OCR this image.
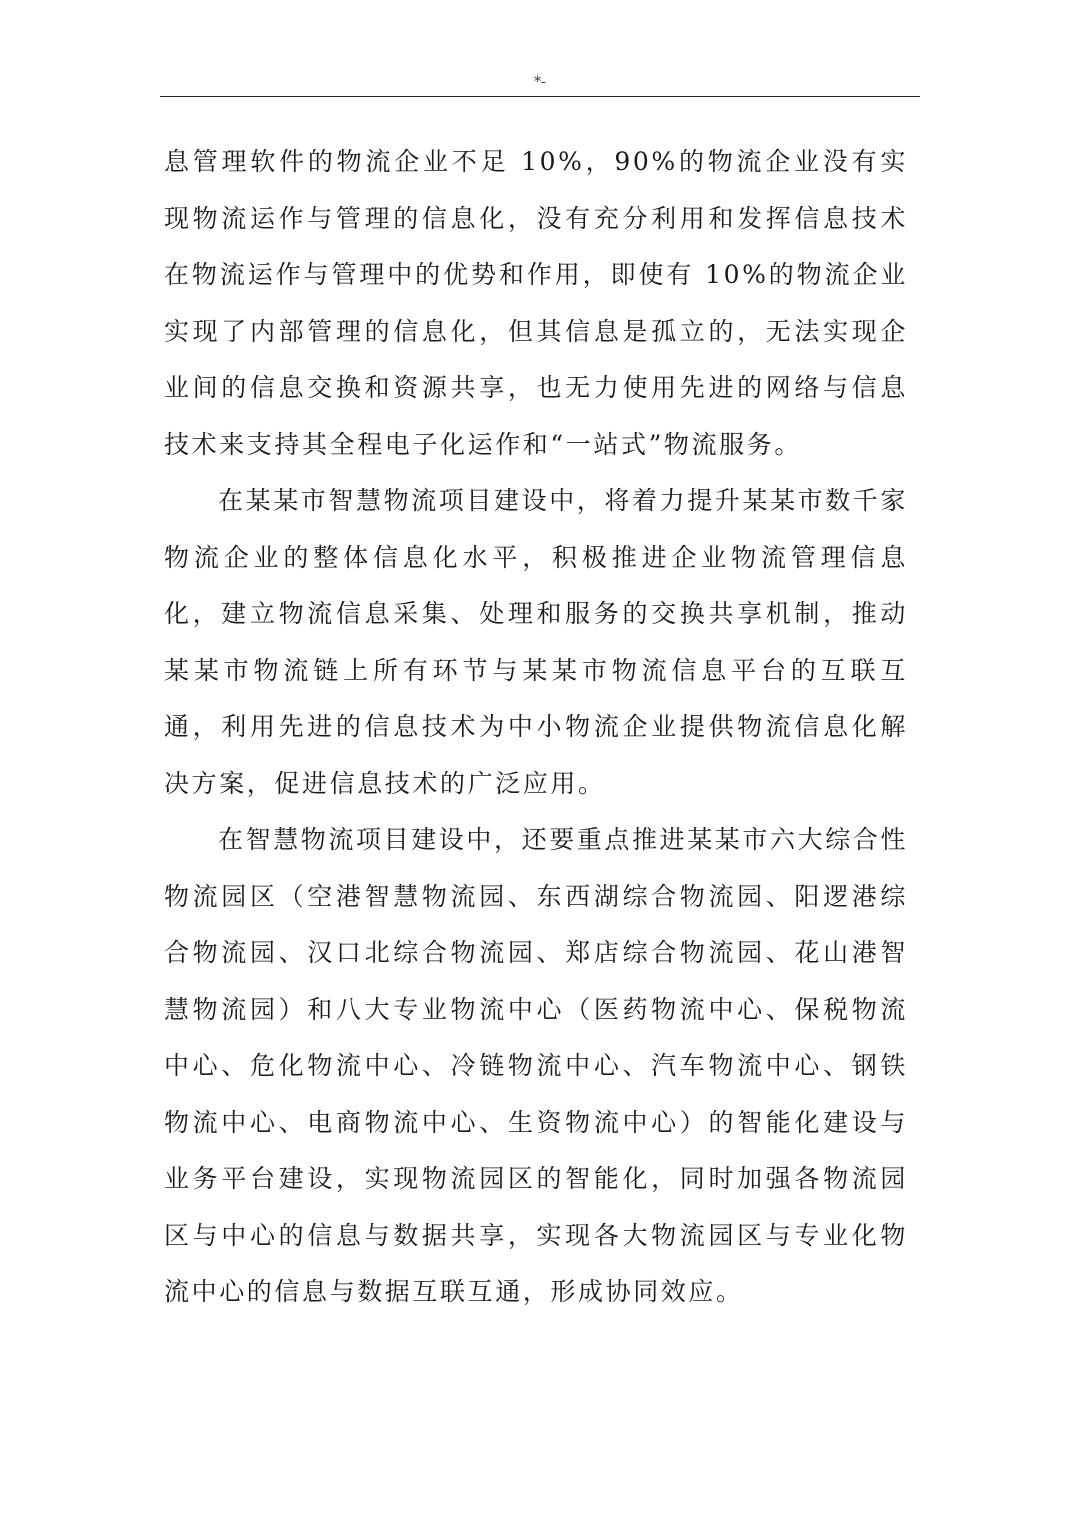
*-

息管理软件的物流企业不足 10%，90%的物流企业没有实现物流运作与管理的信息化，没有充分利用和发挥信息技术在物流运作与管理中的优势和作用，即使有 10%的物流企业实现了内部管理的信息化，但其信息是孤立的，无法实现企业间的信息交换和资源共享，也无力使用先进的网络与信息技术来支持其全程电子化运作和“一站式”物流服务。

在某某市智慧物流项目建设中，将着力提升某某市数千家物流企业的整体信息化水平，积极推进企业物流管理信息化，建立物流信息采集、处理和服务的交换共享机制，推动某某市物流链上所有环节与某某市物流信息平台的互联互通，利用先进的信息技术为中小物流企业提供物流信息化解决方案，促进信息技术的广泛应用。

在智慧物流项目建设中，还要重点推进某某市六大综合性物流园区（空港智慧物流园、东西湖综合物流园、阳逻港综合物流园、汉口北综合物流园、郑店综合物流园、花山港智慧物流园）和八大专业物流中心（医药物流中心、保税物流中心、危化物流中心、冷链物流中心、汽车物流中心、钢铁物流中心、电商物流中心、生资物流中心）的智能化建设与业务平台建设，实现物流园区的智能化，同时加强各物流园区与中心的信息与数据共享，实现各大物流园区与专业化物流中心的信息与数据互联互通，形成协同效应。
